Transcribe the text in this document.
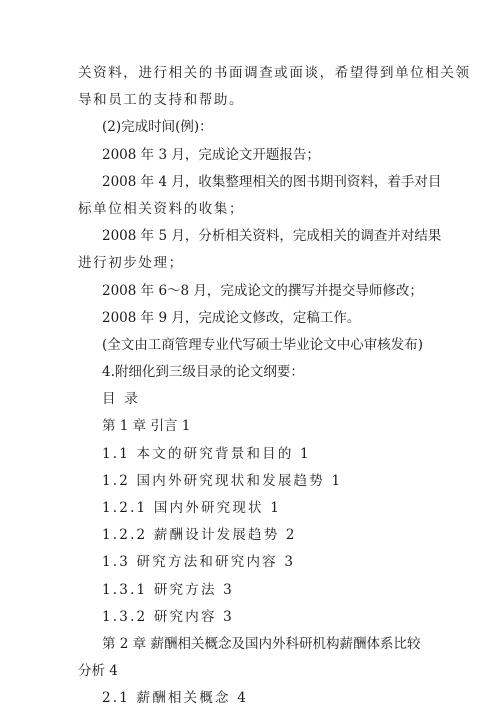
关资料，进行相关的书面调查或面谈，希望得到单位相关领
导和员工的支持和帮助。
(2)完成时间(例)：
2008 年 3 月，完成论文开题报告；
2008 年 4 月，收集整理相关的图书期刊资料，着手对目
标单位相关资料的收集；
2008 年 5 月，分析相关资料，完成相关的调查并对结果
进行初步处理；
2008 年 6～8 月，完成论文的撰写并提交导师修改；
2008 年 9 月，完成论文修改，定稿工作。
(全文由工商管理专业代写硕士毕业论文中心审核发布)
4.附细化到三级目录的论文纲要：
目 录
第 1 章 引言 1
1.1 本文的研究背景和目的 1
1.2 国内外研究现状和发展趋势 1
1.2.1 国内外研究现状 1
1.2.2 薪酬设计发展趋势 2
1.3 研究方法和研究内容 3
1.3.1 研究方法 3
1.3.2 研究内容 3
第 2 章 薪酬相关概念及国内外科研机构薪酬体系比较
分析 4
2.1 薪酬相关概念 4
